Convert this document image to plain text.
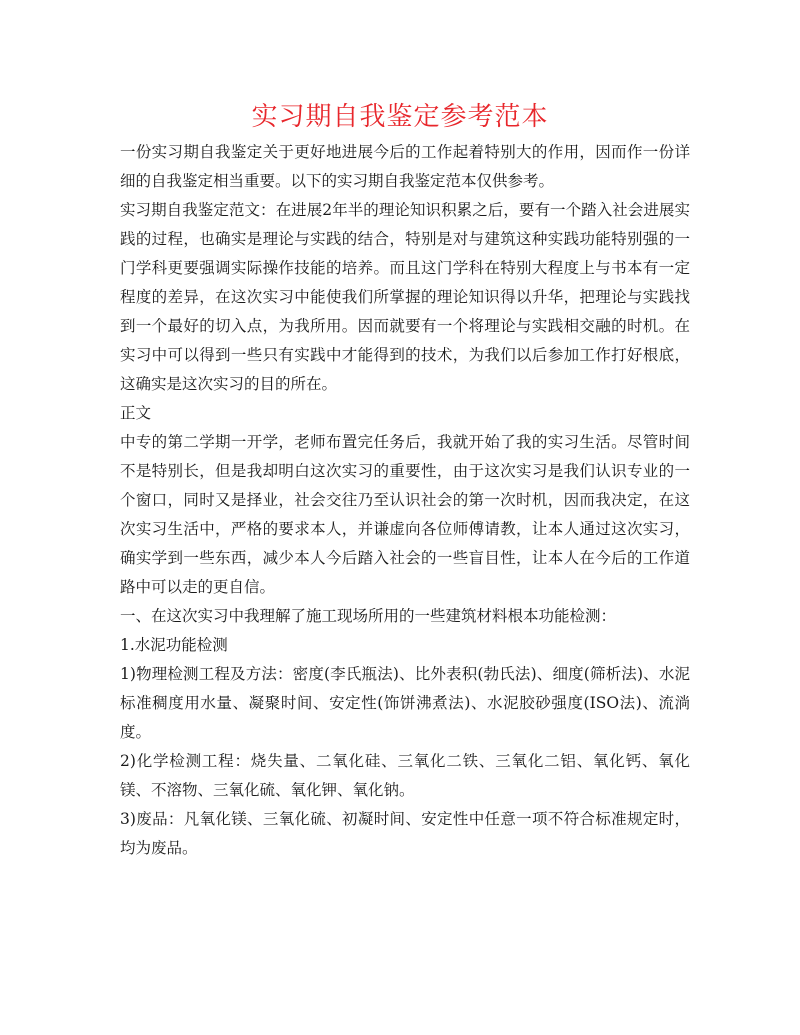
实习期自我鉴定参考范本

一份实习期自我鉴定关于更好地进展今后的工作起着特别大的作用，因而作一份详细的自我鉴定相当重要。以下的实习期自我鉴定范本仅供参考。

实习期自我鉴定范文：在进展2年半的理论知识积累之后，要有一个踏入社会进展实践的过程，也确实是理论与实践的结合，特别是对与建筑这种实践功能特别强的一门学科更要强调实际操作技能的培养。而且这门学科在特别大程度上与书本有一定程度的差异，在这次实习中能使我们所掌握的理论知识得以升华，把理论与实践找到一个最好的切入点，为我所用。因而就要有一个将理论与实践相交融的时机。在实习中可以得到一些只有实践中才能得到的技术，为我们以后参加工作打好根底，这确实是这次实习的目的所在。

正文

中专的第二学期一开学，老师布置完任务后，我就开始了我的实习生活。尽管时间不是特别长，但是我却明白这次实习的重要性，由于这次实习是我们认识专业的一个窗口，同时又是择业，社会交往乃至认识社会的第一次时机，因而我决定，在这次实习生活中，严格的要求本人，并谦虚向各位师傅请教，让本人通过这次实习，确实学到一些东西，减少本人今后踏入社会的一些盲目性，让本人在今后的工作道路中可以走的更自信。

一、在这次实习中我理解了施工现场所用的一些建筑材料根本功能检测：

1.水泥功能检测

1)物理检测工程及方法：密度(李氏瓶法)、比外表积(勃氏法)、细度(筛析法)、水泥标准稠度用水量、凝聚时间、安定性(饰饼沸煮法)、水泥胶砂强度(ISO法)、流淌度。

2)化学检测工程：烧失量、二氧化硅、三氧化二铁、三氧化二铝、氧化钙、氧化镁、不溶物、三氧化硫、氧化钾、氧化钠。

3)废品：凡氧化镁、三氧化硫、初凝时间、安定性中任意一项不符合标准规定时，均为废品。
